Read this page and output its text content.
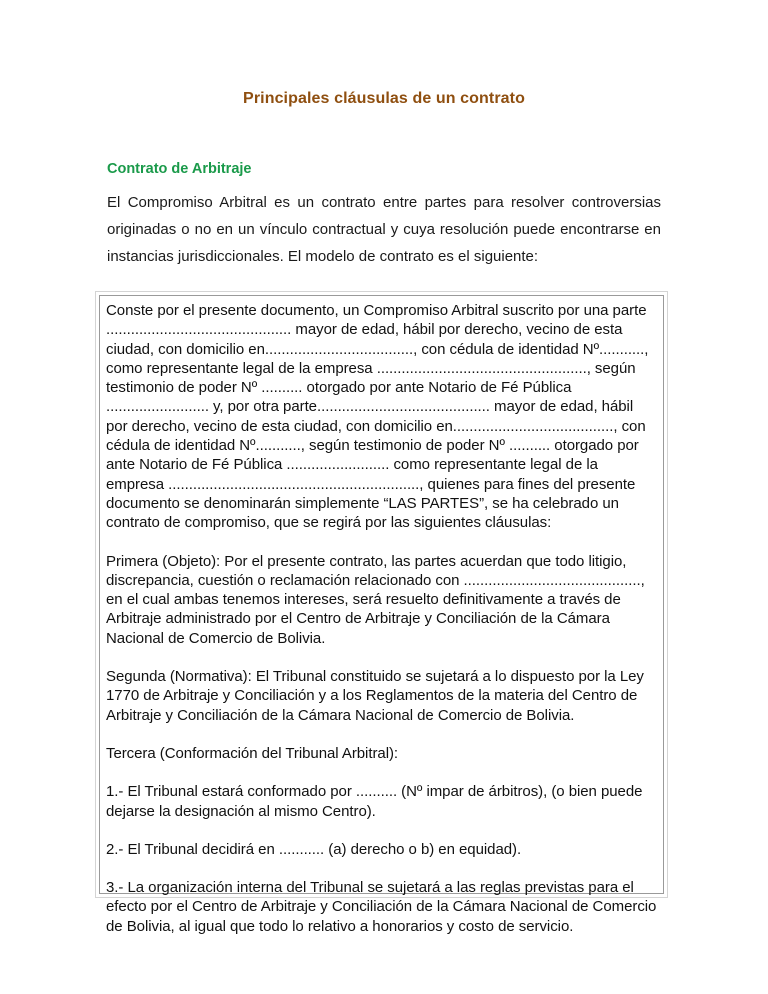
Principales cláusulas de un contrato
Contrato de Arbitraje

El Compromiso Arbitral es un contrato entre partes para resolver controversias originadas o no en un vínculo contractual y cuya resolución puede encontrarse en instancias jurisdiccionales. El modelo de contrato es el siguiente:

Conste por el presente documento, un Compromiso Arbitral suscrito por una parte ............................................. mayor de edad, hábil por derecho, vecino de esta ciudad, con domicilio en...................................., con cédula de identidad Nº..........., como representante legal de la empresa ..................................................., según testimonio de poder Nº .......... otorgado por ante Notario de Fé Pública ......................... y, por otra parte.......................................... mayor de edad, hábil por derecho, vecino de esta ciudad, con domicilio en......................................., con cédula de identidad Nº..........., según testimonio de poder Nº .......... otorgado por ante Notario de Fé Pública ......................... como representante legal de la empresa ............................................................., quienes para fines del presente documento se denominarán simplemente “LAS PARTES”, se ha celebrado un contrato de compromiso, que se regirá por las siguientes cláusulas:

Primera (Objeto): Por el presente contrato, las partes acuerdan que todo litigio, discrepancia, cuestión o reclamación relacionado con ..........................................., en el cual ambas tenemos intereses, será resuelto definitivamente a través de Arbitraje administrado por el Centro de Arbitraje y Conciliación de la Cámara Nacional de Comercio de Bolivia.

Segunda (Normativa): El Tribunal constituido se sujetará a lo dispuesto por la Ley 1770 de Arbitraje y Conciliación y a los Reglamentos de la materia del Centro de Arbitraje y Conciliación de la Cámara Nacional de Comercio de Bolivia.

Tercera (Conformación del Tribunal Arbitral):

1.- El Tribunal estará conformado por .......... (Nº impar de árbitros), (o bien puede dejarse la designación al mismo Centro).

2.- El Tribunal decidirá en ........... (a) derecho o b) en equidad).

3.- La organización interna del Tribunal se sujetará a las reglas previstas para el efecto por el Centro de Arbitraje y Conciliación de la Cámara Nacional de Comercio de Bolivia, al igual que todo lo relativo a honorarios y costo de servicio.
